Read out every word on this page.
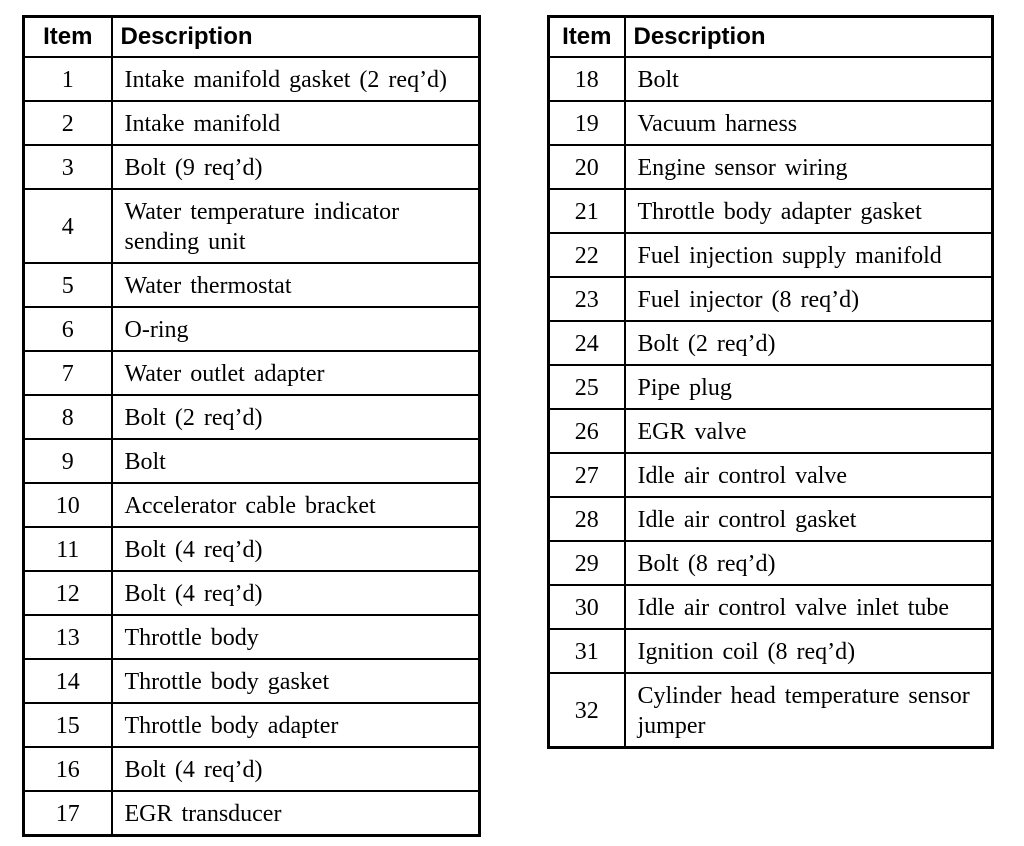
Item	Description
1	Intake manifold gasket (2 req’d)
2	Intake manifold
3	Bolt (9 req’d)
4	Water temperature indicator sending unit
5	Water thermostat
6	O-ring
7	Water outlet adapter
8	Bolt (2 req’d)
9	Bolt
10	Accelerator cable bracket
11	Bolt (4 req’d)
12	Bolt (4 req’d)
13	Throttle body
14	Throttle body gasket
15	Throttle body adapter
16	Bolt (4 req’d)
17	EGR transducer
Item	Description
18	Bolt
19	Vacuum harness
20	Engine sensor wiring
21	Throttle body adapter gasket
22	Fuel injection supply manifold
23	Fuel injector (8 req’d)
24	Bolt (2 req’d)
25	Pipe plug
26	EGR valve
27	Idle air control valve
28	Idle air control gasket
29	Bolt (8 req’d)
30	Idle air control valve inlet tube
31	Ignition coil (8 req’d)
32	Cylinder head temperature sensor jumper
